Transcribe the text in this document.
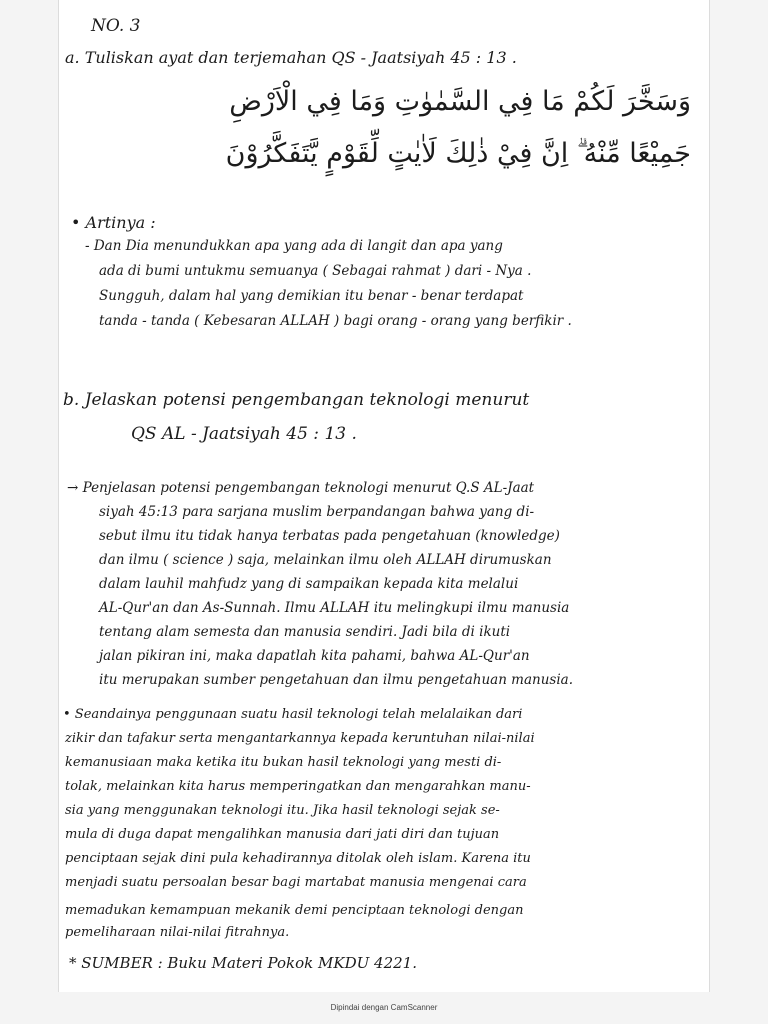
NO. 3
a. Tuliskan ayat dan terjemahan QS - Jaatsiyah 45 : 13 .
وَسَخَّرَ لَكُمْ مَا فِي السَّمٰوٰتِ وَمَا فِي الْاَرْضِ
جَمِيْعًا مِّنْهُ ۗ اِنَّ فِيْ ذٰلِكَ لَاٰيٰتٍ لِّقَوْمٍ يَّتَفَكَّرُوْنَ
• Artinya :
- Dan Dia menundukkan apa yang ada di langit dan apa yang
ada di bumi untukmu semuanya ( Sebagai rahmat ) dari - Nya .
Sungguh, dalam hal yang demikian itu benar - benar terdapat
tanda - tanda ( Kebesaran ALLAH ) bagi orang - orang yang berfikir .
b. Jelaskan potensi pengembangan teknologi menurut
QS AL - Jaatsiyah 45 : 13 .
→ Penjelasan potensi pengembangan teknologi menurut Q.S AL-Jaat
siyah 45:13 para sarjana muslim berpandangan bahwa yang di-
sebut ilmu itu tidak hanya terbatas pada pengetahuan (knowledge)
dan ilmu ( science ) saja, melainkan ilmu oleh ALLAH dirumuskan
dalam lauhil mahfudz yang di sampaikan kepada kita melalui
AL-Qur'an dan As-Sunnah. Ilmu ALLAH itu melingkupi ilmu manusia
tentang alam semesta dan manusia sendiri. Jadi bila di ikuti
jalan pikiran ini, maka dapatlah kita pahami, bahwa AL-Qur'an
itu merupakan sumber pengetahuan dan ilmu pengetahuan manusia.
• Seandainya penggunaan suatu hasil teknologi telah melalaikan dari
zikir dan tafakur serta mengantarkannya kepada keruntuhan nilai-nilai
kemanusiaan maka ketika itu bukan hasil teknologi yang mesti di-
tolak, melainkan kita harus memperingatkan dan mengarahkan manu-
sia yang menggunakan teknologi itu. Jika hasil teknologi sejak se-
mula di duga dapat mengalihkan manusia dari jati diri dan tujuan
penciptaan sejak dini pula kehadirannya ditolak oleh islam. Karena itu
menjadi suatu persoalan besar bagi martabat manusia mengenai cara
memadukan kemampuan mekanik demi penciptaan teknologi dengan
pemeliharaan nilai-nilai fitrahnya.
* SUMBER : Buku Materi Pokok MKDU 4221.
Dipindai dengan CamScanner
